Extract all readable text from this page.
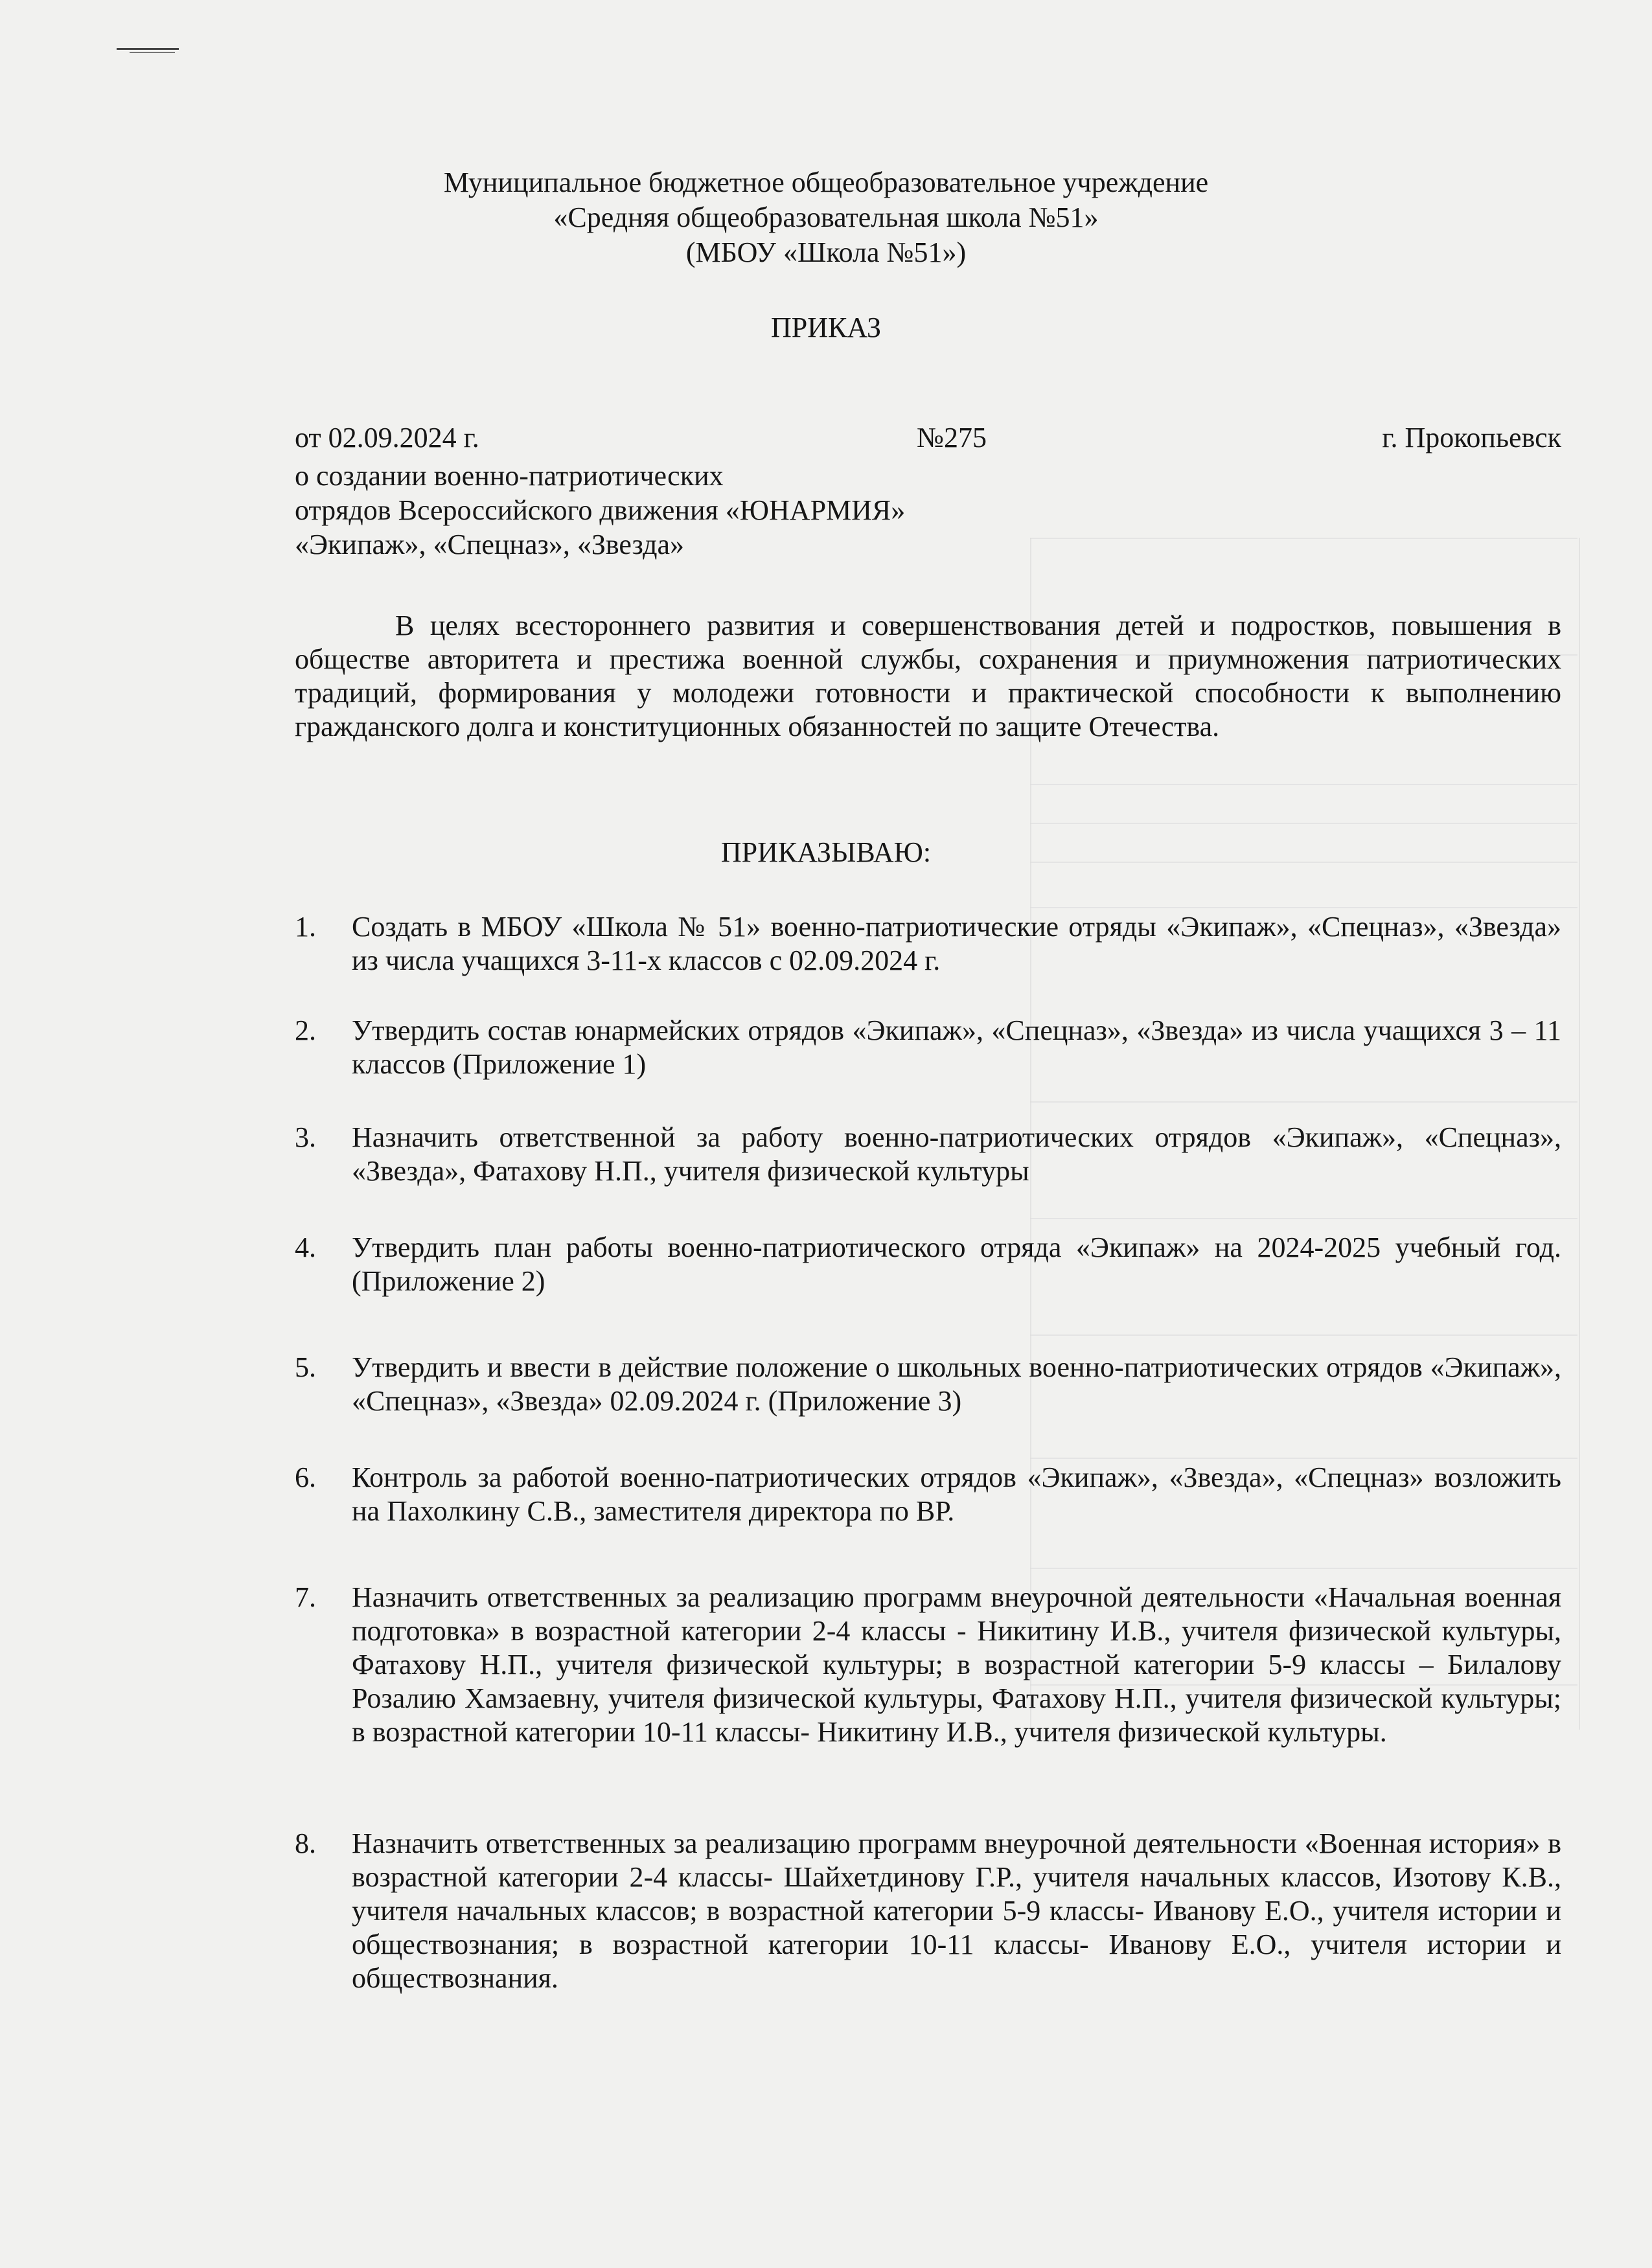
Муниципальное бюджетное общеобразовательное учреждение
«Средняя общеобразовательная школа №51»
(МБОУ «Школа №51»)
ПРИКАЗ
от 02.09.2024 г.	№275	г. Прокопьевск
о создании военно-патриотических
отрядов Всероссийского движения «ЮНАРМИЯ»
«Экипаж», «Спецназ», «Звезда»
В целях всестороннего развития и совершенствования детей и подростков, повышения в обществе авторитета и престижа военной службы, сохранения и приумножения патриотических традиций, формирования у молодежи готовности и практической способности к выполнению гражданского долга и конституционных обязанностей по защите Отечества.
ПРИКАЗЫВАЮ:
1.	Создать в МБОУ «Школа № 51» военно-патриотические отряды «Экипаж», «Спецназ», «Звезда» из числа учащихся 3-11-х классов с 02.09.2024 г.
2.	Утвердить состав юнармейских отрядов «Экипаж», «Спецназ», «Звезда» из числа учащихся 3 – 11 классов (Приложение 1)
3.	Назначить ответственной за работу военно-патриотических отрядов «Экипаж», «Спецназ», «Звезда», Фатахову Н.П., учителя физической культуры
4.	Утвердить план работы военно-патриотического отряда «Экипаж» на 2024-2025 учебный год. (Приложение 2)
5.	Утвердить и ввести в действие положение о школьных военно-патриотических отрядов «Экипаж», «Спецназ», «Звезда» 02.09.2024 г. (Приложение 3)
6.	Контроль за работой военно-патриотических отрядов «Экипаж», «Звезда», «Спецназ» возложить на Пахолкину С.В., заместителя директора по ВР.
7.	Назначить ответственных за реализацию программ внеурочной деятельности «Начальная военная подготовка» в возрастной категории 2-4 классы - Никитину И.В., учителя физической культуры, Фатахову Н.П., учителя физической культуры; в возрастной категории 5-9 классы – Билалову Розалию Хамзаевну, учителя физической культуры, Фатахову Н.П., учителя физической культуры; в возрастной категории 10-11 классы- Никитину И.В., учителя физической культуры.
8.	Назначить ответственных за реализацию программ внеурочной деятельности «Военная история» в возрастной категории 2-4 классы- Шайхетдинову Г.Р., учителя начальных классов, Изотову К.В., учителя начальных классов; в возрастной категории 5-9 классы- Иванову Е.О., учителя истории и обществознания; в возрастной категории 10-11 классы- Иванову Е.О., учителя истории и обществознания.
